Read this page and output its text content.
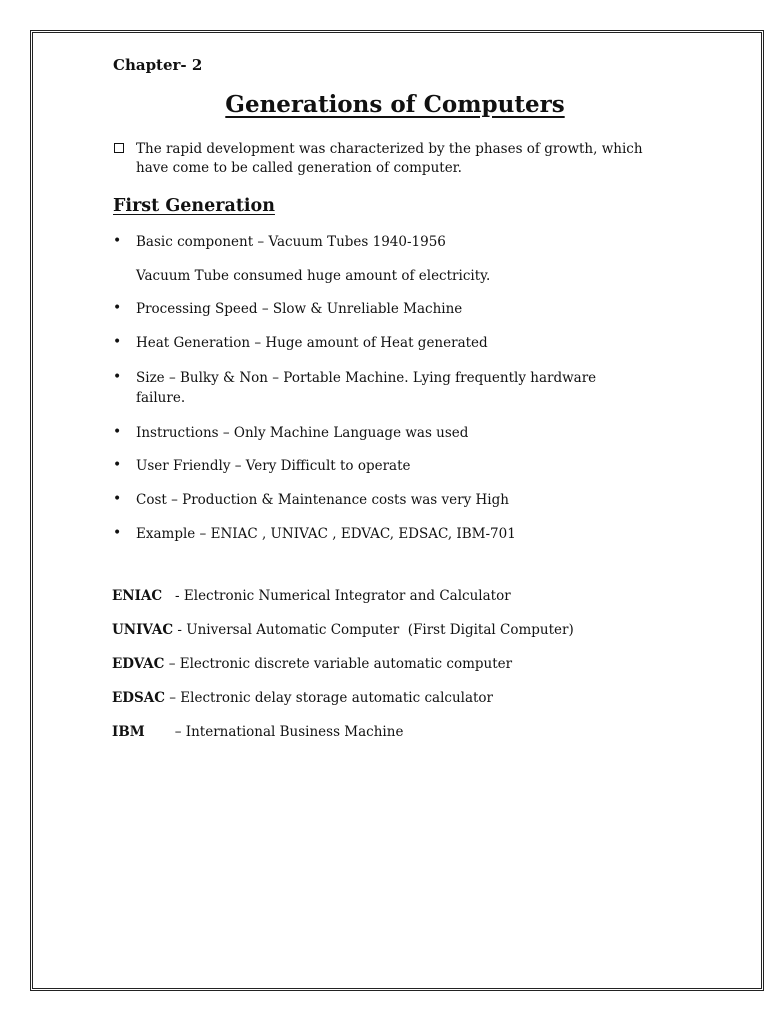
Chapter- 2
Generations of Computers
The rapid development was characterized by the phases of growth, which
have come to be called generation of computer.
First Generation
• Basic component – Vacuum Tubes 1940-1956
Vacuum Tube consumed huge amount of electricity.
• Processing Speed – Slow & Unreliable Machine
• Heat Generation – Huge amount of Heat generated
• Size – Bulky & Non – Portable Machine. Lying frequently hardware
failure.
• Instructions – Only Machine Language was used
• User Friendly – Very Difficult to operate
• Cost – Production & Maintenance costs was very High
• Example – ENIAC , UNIVAC , EDVAC, EDSAC, IBM-701
ENIAC   - Electronic Numerical Integrator and Calculator
UNIVAC - Universal Automatic Computer  (First Digital Computer)
EDVAC – Electronic discrete variable automatic computer
EDSAC – Electronic delay storage automatic calculator
IBM       – International Business Machine
